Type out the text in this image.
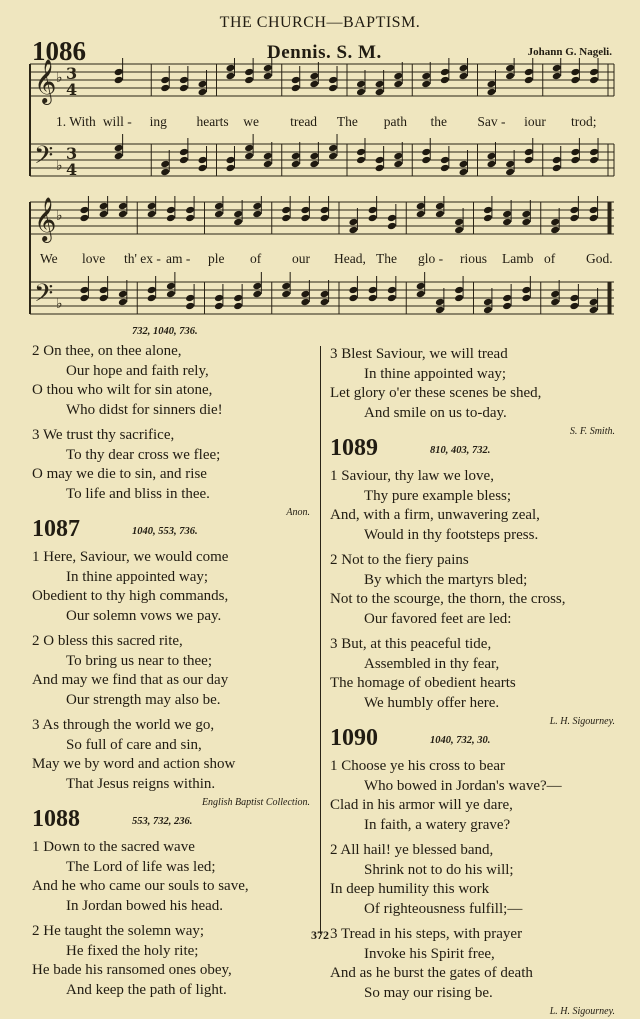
THE CHURCH—BAPTISM.
1086	Dennis. S. M.	Johann G. Nageli.
𝄞
𝄢
♭
♭
3
4
3
4
1. With will - ing hearts we tread The path the Sav - iour trod;
𝄞
𝄢
♭
♭
We love th' ex - am - ple of our Head, The glo - rious Lamb of God.
732, 1040, 736.
2 On thee, on thee alone,
Our hope and faith rely,
O thou who wilt for sin atone,
Who didst for sinners die!
3 We trust thy sacrifice,
To thy dear cross we flee;
O may we die to sin, and rise
To life and bliss in thee.
Anon.
1087	1040, 553, 736.
1 Here, Saviour, we would come
In thine appointed way;
Obedient to thy high commands,
Our solemn vows we pay.
2 O bless this sacred rite,
To bring us near to thee;
And may we find that as our day
Our strength may also be.
3 As through the world we go,
So full of care and sin,
May we by word and action show
That Jesus reigns within.
English Baptist Collection.
1088	553, 732, 236.
1 Down to the sacred wave
The Lord of life was led;
And he who came our souls to save,
In Jordan bowed his head.
2 He taught the solemn way;
He fixed the holy rite;
He bade his ransomed ones obey,
And keep the path of light.
3 Blest Saviour, we will tread
In thine appointed way;
Let glory o'er these scenes be shed,
And smile on us to-day.
S. F. Smith.
1089	810, 403, 732.
1 Saviour, thy law we love,
Thy pure example bless;
And, with a firm, unwavering zeal,
Would in thy footsteps press.
2 Not to the fiery pains
By which the martyrs bled;
Not to the scourge, the thorn, the cross,
Our favored feet are led:
3 But, at this peaceful tide,
Assembled in thy fear,
The homage of obedient hearts
We humbly offer here.
L. H. Sigourney.
1090	1040, 732, 30.
1 Choose ye his cross to bear
Who bowed in Jordan's wave?—
Clad in his armor will ye dare,
In faith, a watery grave?
2 All hail! ye blessed band,
Shrink not to do his will;
In deep humility this work
Of righteousness fulfill;—
3 Tread in his steps, with prayer
Invoke his Spirit free,
And as he burst the gates of death
So may our rising be.
L. H. Sigourney.
372
